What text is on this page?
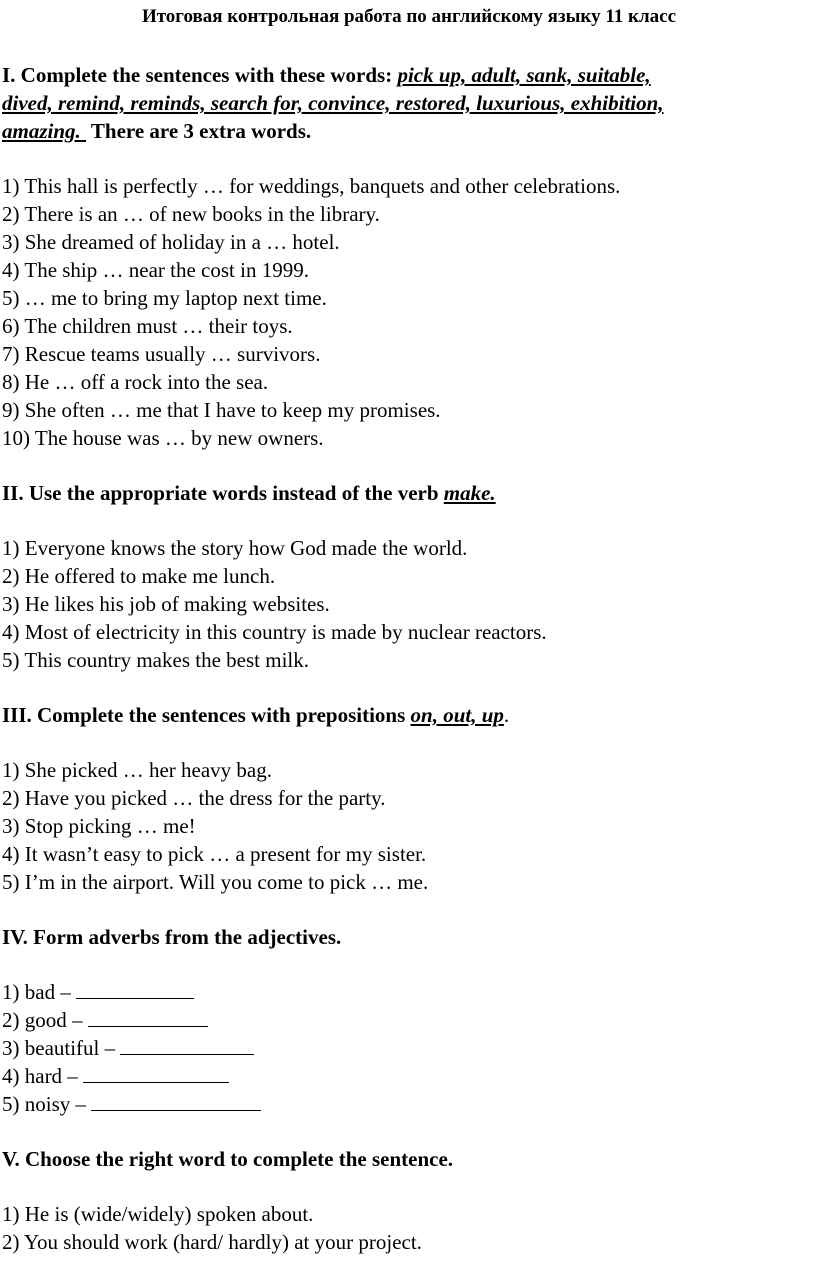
Итоговая контрольная работа по английскому языку 11 класс

I. Complete the sentences with these words: pick up, adult, sank, suitable,
dived, remind, reminds, search for, convince, restored, luxurious, exhibition,
amazing.  There are 3 extra words.

1) This hall is perfectly … for weddings, banquets and other celebrations.
2) There is an … of new books in the library.
3) She dreamed of holiday in a … hotel.
4) The ship … near the cost in 1999.
5) … me to bring my laptop next time.
6) The children must … their toys.
7) Rescue teams usually … survivors.
8) He … off a rock into the sea.
9) She often … me that I have to keep my promises.
10) The house was … by new owners.

II. Use the appropriate words instead of the verb make.

1) Everyone knows the story how God made the world.
2) He offered to make me lunch.
3) He likes his job of making websites.
4) Most of electricity in this country is made by nuclear reactors.
5) This country makes the best milk.

III. Complete the sentences with prepositions on, out, up.

1) She picked … her heavy bag.
2) Have you picked … the dress for the party.
3) Stop picking … me!
4) It wasn’t easy to pick … a present for my sister.
5) I’m in the airport. Will you come to pick … me.

IV. Form adverbs from the adjectives.

1) bad –
2) good –
3) beautiful –
4) hard –
5) noisy –

V. Choose the right word to complete the sentence.

1) He is (wide/widely) spoken about.
2) You should work (hard/ hardly) at your project.
